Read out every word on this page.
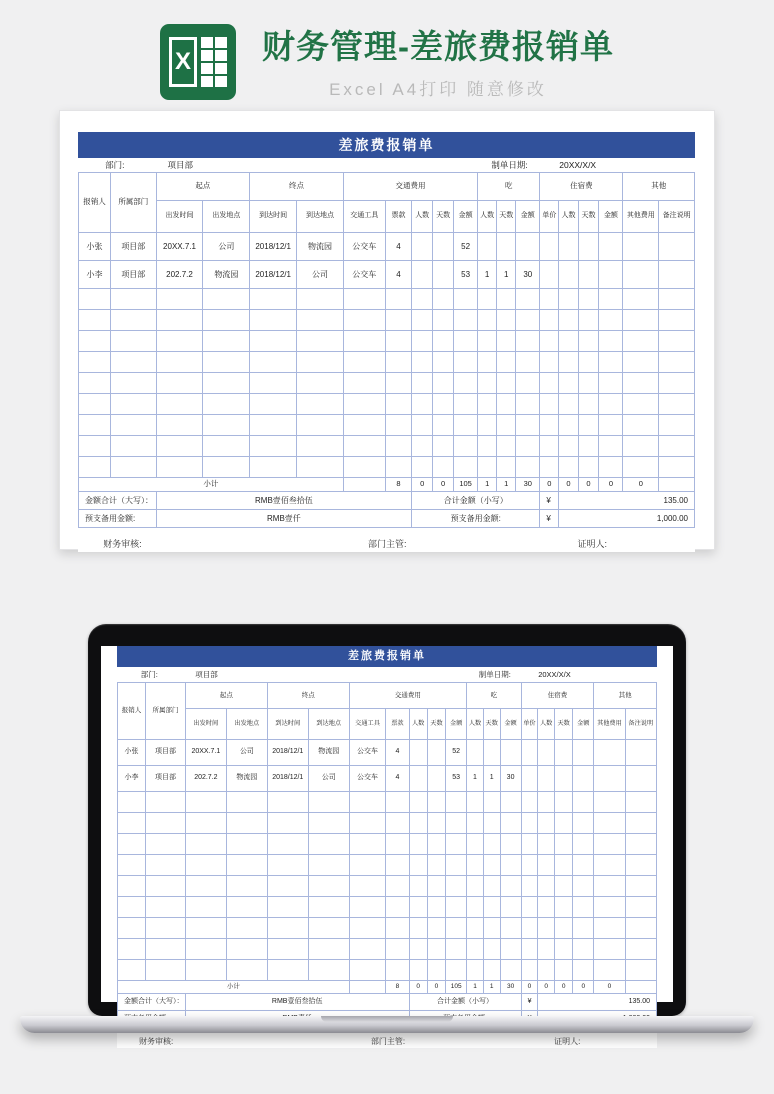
X 财务管理-差旅费报销单

Excel A4打印 随意修改

差旅费报销单
部门:	项目部	制单日期:	20XX/X/X
报销人	所属部门	起点		终点		交通费用					吃			住宿费				其他	
		出发时间	出发地点	到达时间	到达地点	交通工具	票款	人数	天数	金额	人数	天数	金额	单价	人数	天数	金额	其他费用	备注说明
小张	项目部	20XX.7.1	公司	2018/12/1	物流园	公交车	4			52									
小李	项目部	202.7.2	物流园	2018/12/1	公司	公交车	4			53	1	1	30						

小计							8	0	0	105	1	1	30	0	0	0	0	0	
金额合计（大写）：		RMB壹佰叁拾伍						合计金额（小写）						¥	135.00				
预支备用金额:		RMB壹仟						预支备用金额:						¥	1,000.00				

财务审核: 部门主管: 证明人:																			
差旅费报销单
部门:	项目部	制单日期:	20XX/X/X
报销人	所属部门	起点		终点		交通费用					吃			住宿费				其他	
		出发时间	出发地点	到达时间	到达地点	交通工具	票款	人数	天数	金额	人数	天数	金额	单价	人数	天数	金额	其他费用	备注说明
小张	项目部	20XX.7.1	公司	2018/12/1	物流园	公交车	4			52									
小李	项目部	202.7.2	物流园	2018/12/1	公司	公交车	4			53	1	1	30						

小计							8	0	0	105	1	1	30	0	0	0	0	0	
金额合计（大写）：		RMB壹佰叁拾伍						合计金额（小写）						¥	135.00				

财务审核: 部门主管: 证明人:																			
